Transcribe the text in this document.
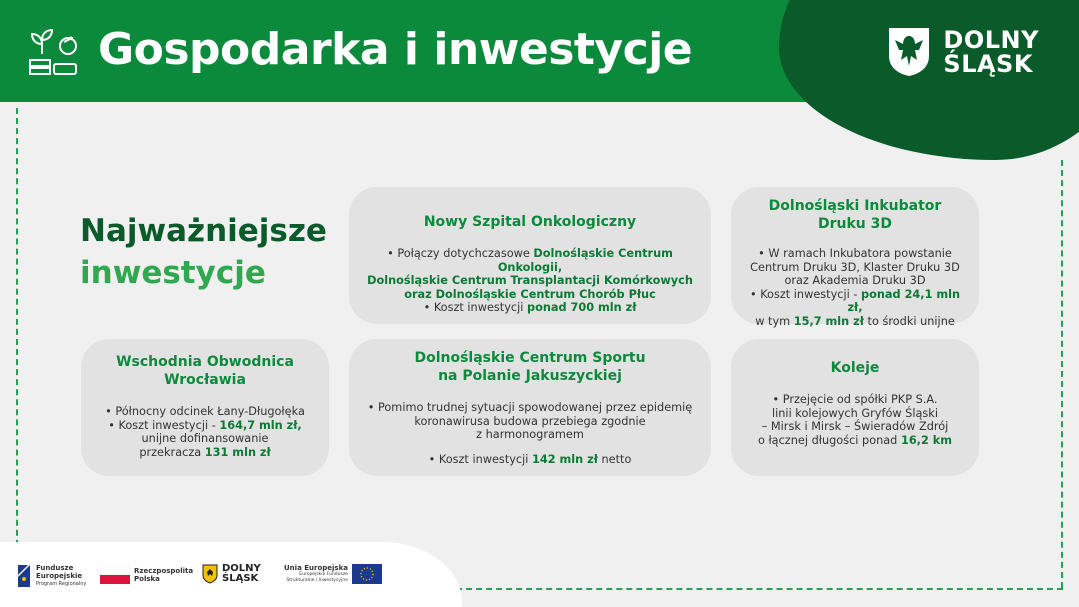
Gospodarka i inwestycje	DOLNY
ŚLĄSK
Najważniejsze
inwestycje
Nowy Szpital Onkologiczny

• Połączy dotychczasowe Dolnośląskie Centrum Onkologii,

Dolnośląskie Centrum Transplantacji Komórkowych

oraz Dolnośląskie Centrum Chorób Płuc

• Koszt inwestycji ponad 700 mln zł

Dolnośląski Inkubator
Druku 3D

• W ramach Inkubatora powstanie

Centrum Druku 3D, Klaster Druku 3D

oraz Akademia Druku 3D

• Koszt inwestycji - ponad 24,1 mln zł,

w tym 15,7 mln zł to środki unijne

Wschodnia Obwodnica
Wrocławia

• Północny odcinek Łany-Długołęka

• Koszt inwestycji - 164,7 mln zł,

unijne dofinansowanie

przekracza 131 mln zł

Dolnośląskie Centrum Sportu
na Polanie Jakuszyckiej

• Pomimo trudnej sytuacji spowodowanej przez epidemię

koronawirusa budowa przebiega zgodnie

z harmonogramem

• Koszt inwestycji 142 mln zł netto

Koleje

• Przejęcie od spółki PKP S.A.

linii kolejowych Gryfów Śląski

– Mirsk i Mirsk – Świeradów Zdrój

o łącznej długości ponad 16,2 km

Fundusze
Europejskie
Program Regionalny
Rzeczpospolita
Polska
DOLNY
ŚLĄSK
Unia Europejska
Europejskie Fundusze
Strukturalne i Inwestycyjne
